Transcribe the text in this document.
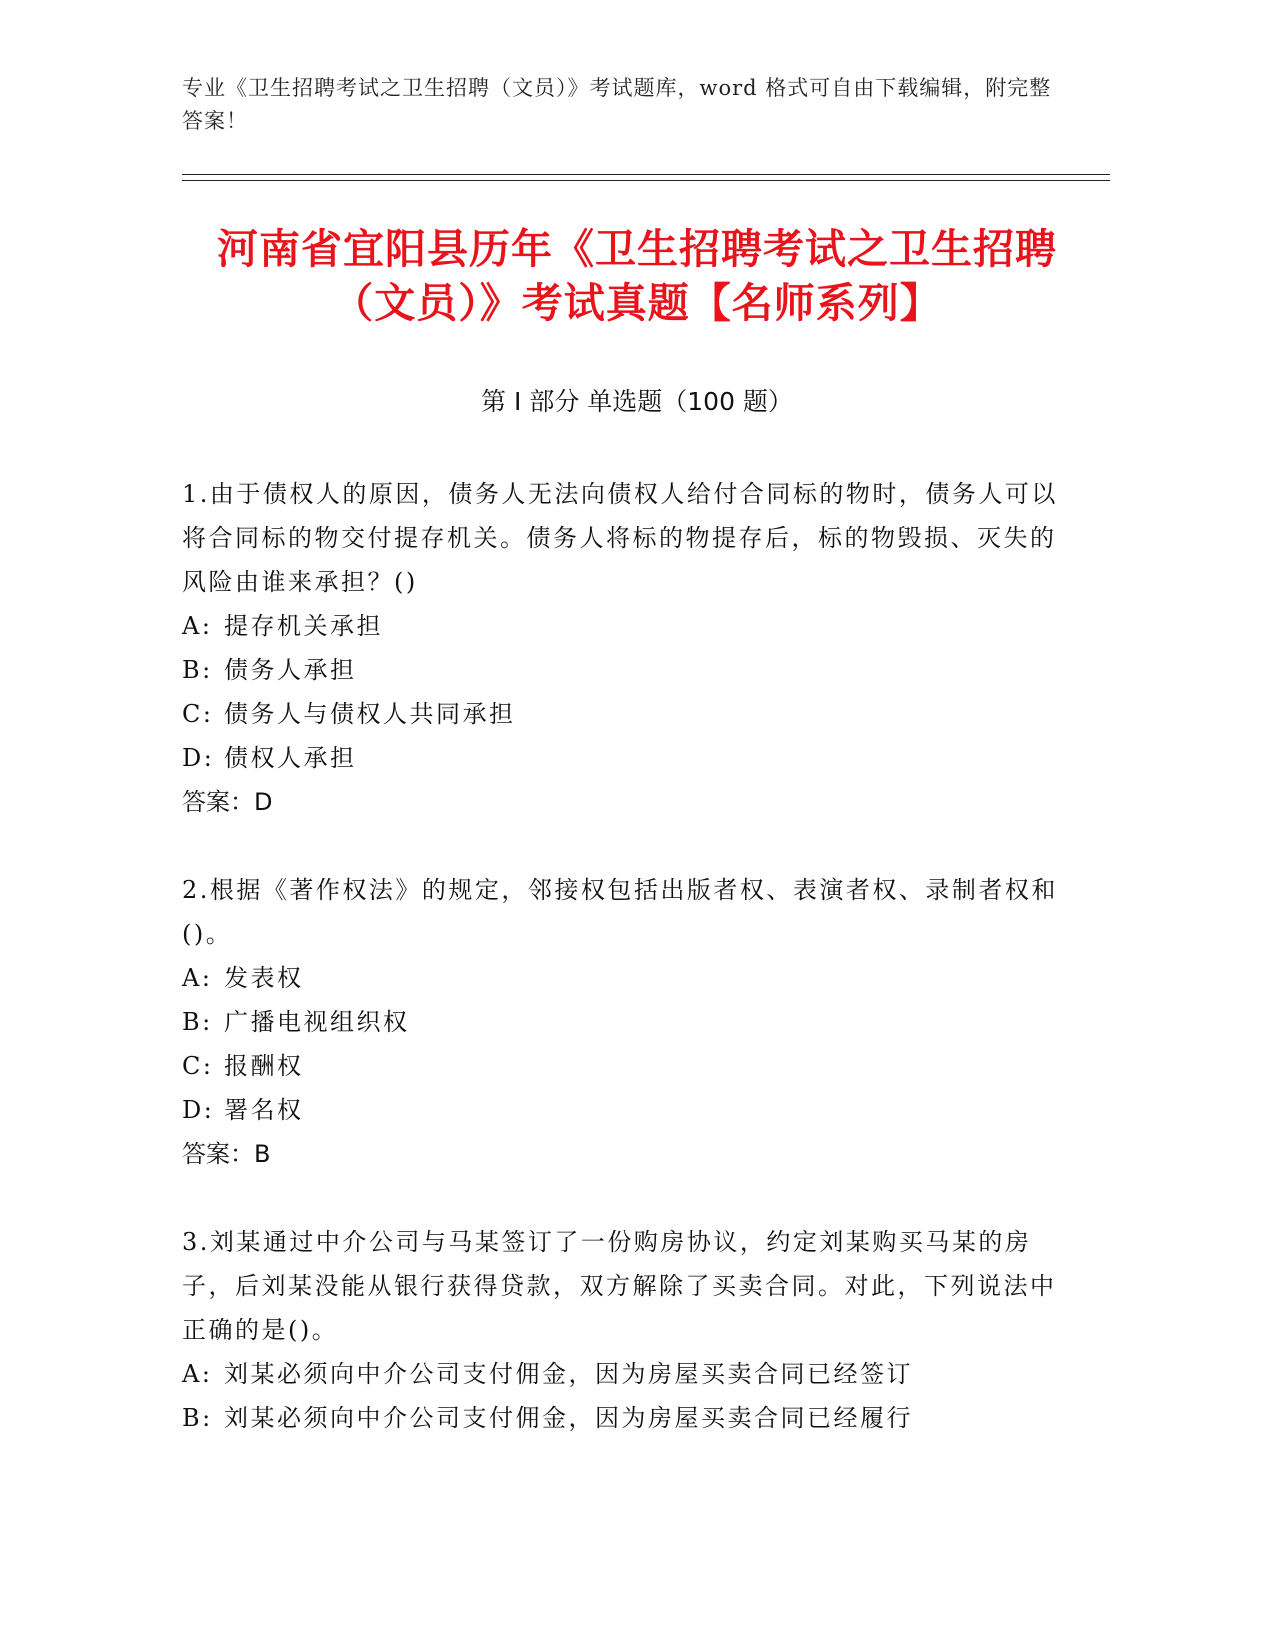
专业《卫生招聘考试之卫生招聘（文员）》考试题库，word 格式可自由下载编辑，附完整答案！
河南省宜阳县历年《卫生招聘考试之卫生招聘（文员）》考试真题【名师系列】
第 I 部分 单选题（100 题）
1.由于债权人的原因，债务人无法向债权人给付合同标的物时，债务人可以将合同标的物交付提存机关。债务人将标的物提存后，标的物毁损、灭失的风险由谁来承担？()
A: 提存机关承担
B: 债务人承担
C: 债务人与债权人共同承担
D: 债权人承担
答案：D
2.根据《著作权法》的规定，邻接权包括出版者权、表演者权、录制者权和()。
A: 发表权
B: 广播电视组织权
C: 报酬权
D: 署名权
答案：B
3.刘某通过中介公司与马某签订了一份购房协议，约定刘某购买马某的房子，后刘某没能从银行获得贷款，双方解除了买卖合同。对此，下列说法中正确的是()。
A: 刘某必须向中介公司支付佣金，因为房屋买卖合同已经签订
B: 刘某必须向中介公司支付佣金，因为房屋买卖合同已经履行
